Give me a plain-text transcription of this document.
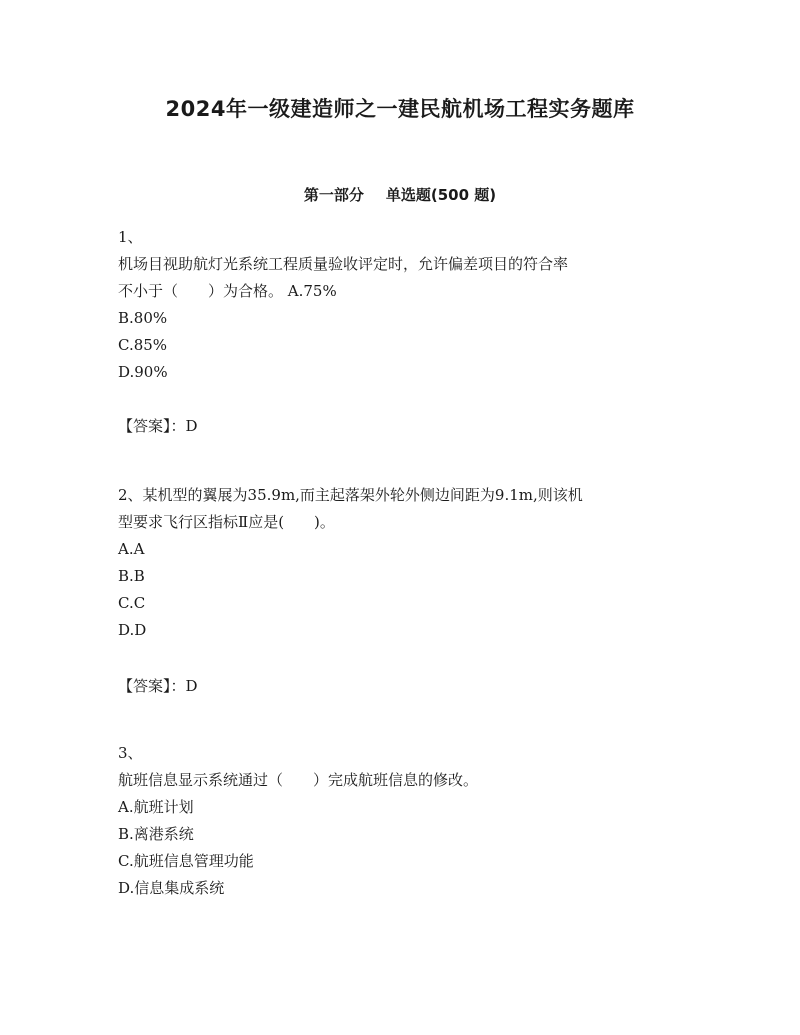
2024年一级建造师之一建民航机场工程实务题库
第一部分 单选题(500 题)
1、
机场目视助航灯光系统工程质量验收评定时，允许偏差项目的符合率
不小于（　　）为合格。 A.75%
B.80%
C.85%
D.90%
【答案】：D
2、某机型的翼展为35.9m,而主起落架外轮外侧边间距为9.1m,则该机
型要求飞行区指标Ⅱ应是(　　)。
A.A
B.B
C.C
D.D
【答案】：D
3、
航班信息显示系统通过（　　）完成航班信息的修改。
A.航班计划
B.离港系统
C.航班信息管理功能
D.信息集成系统
